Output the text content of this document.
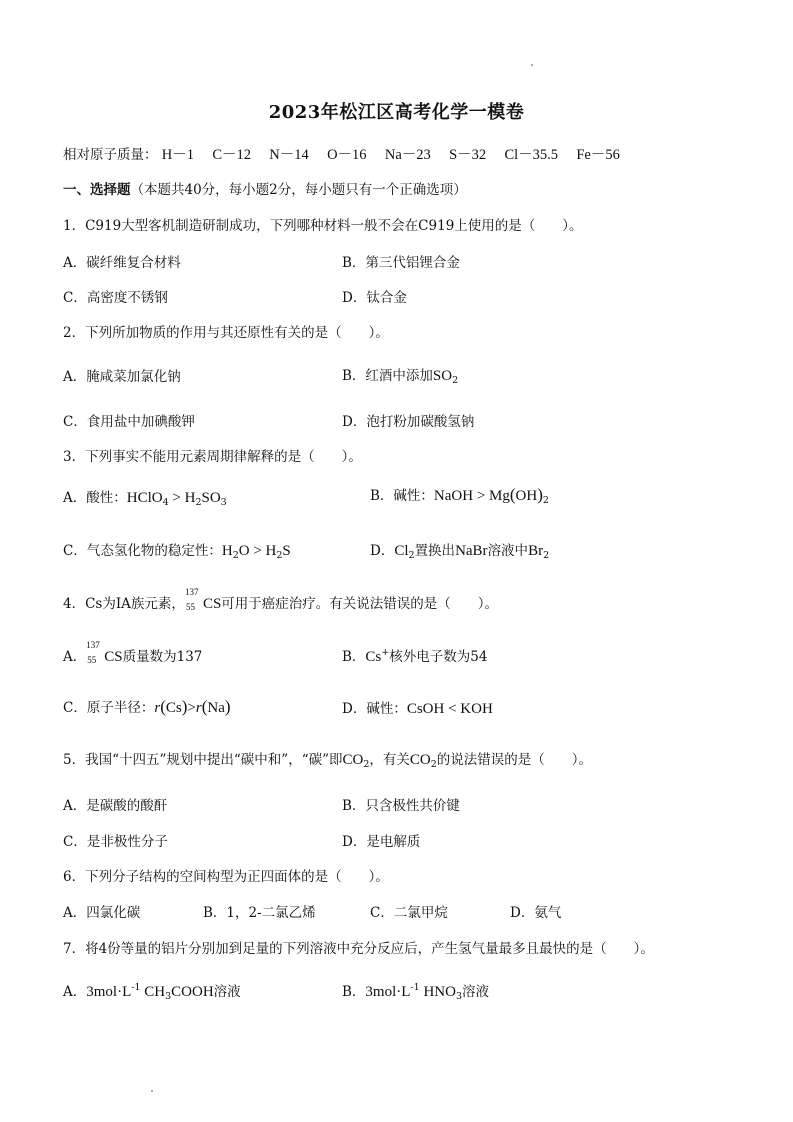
2023年松江区高考化学一模卷
相对原子质量： H－1 C－12 N－14 O－16 Na－23 S－32 Cl－35.5 Fe－56
一、选择题（本题共40分，每小题2分，每小题只有一个正确选项）
1．C919大型客机制造研制成功，下列哪种材料一般不会在C919上使用的是（　　）。
A．碳纤维复合材料	B．第三代铝锂合金
C．高密度不锈钢	D．钛合金
2．下列所加物质的作用与其还原性有关的是（　　）。
A．腌咸菜加氯化钠	B．红酒中添加$SO_2$
C．食用盐中加碘酸钾	D．泡打粉加碳酸氢钠
3．下列事实不能用元素周期律解释的是（　　）。
A．酸性：HClO$_4$ > $H_2SO_3$	B．碱性：NaOH > $Mg(OH)_2$
C．气态氢化物的稳定性：$H_2O > H_2S$	D．$Cl_2$置换出NaBr溶液中$Br_2$
4．Cs为ⅠA族元素，
137
55 CS可用于癌症治疗。有关说法错误的是（　　）。
A．
137
55 CS质量数为137	B．Cs+核外电子数为54
C．原子半径：r(Cs)>r(Na)	D．碱性：CsOH < KOH
5．我国“十四五”规划中提出“碳中和”，“碳”即$CO_2$，有关$CO_2$的说法错误的是（　　）。
A．是碳酸的酸酐	B．只含极性共价键
C．是非极性分子	D．是电解质
6．下列分子结构的空间构型为正四面体的是（　　）。
A．四氯化碳	B．1，2-二氯乙烯	C．二氯甲烷	D．氨气
7．将4份等量的铝片分别加到足量的下列溶液中充分反应后，产生氢气量最多且最快的是（　　）。
A．$3mol\cdot L^{-1}$ $CH_3COOH$溶液	B．$3mol\cdot L^{-1}$ $HNO_3$溶液
